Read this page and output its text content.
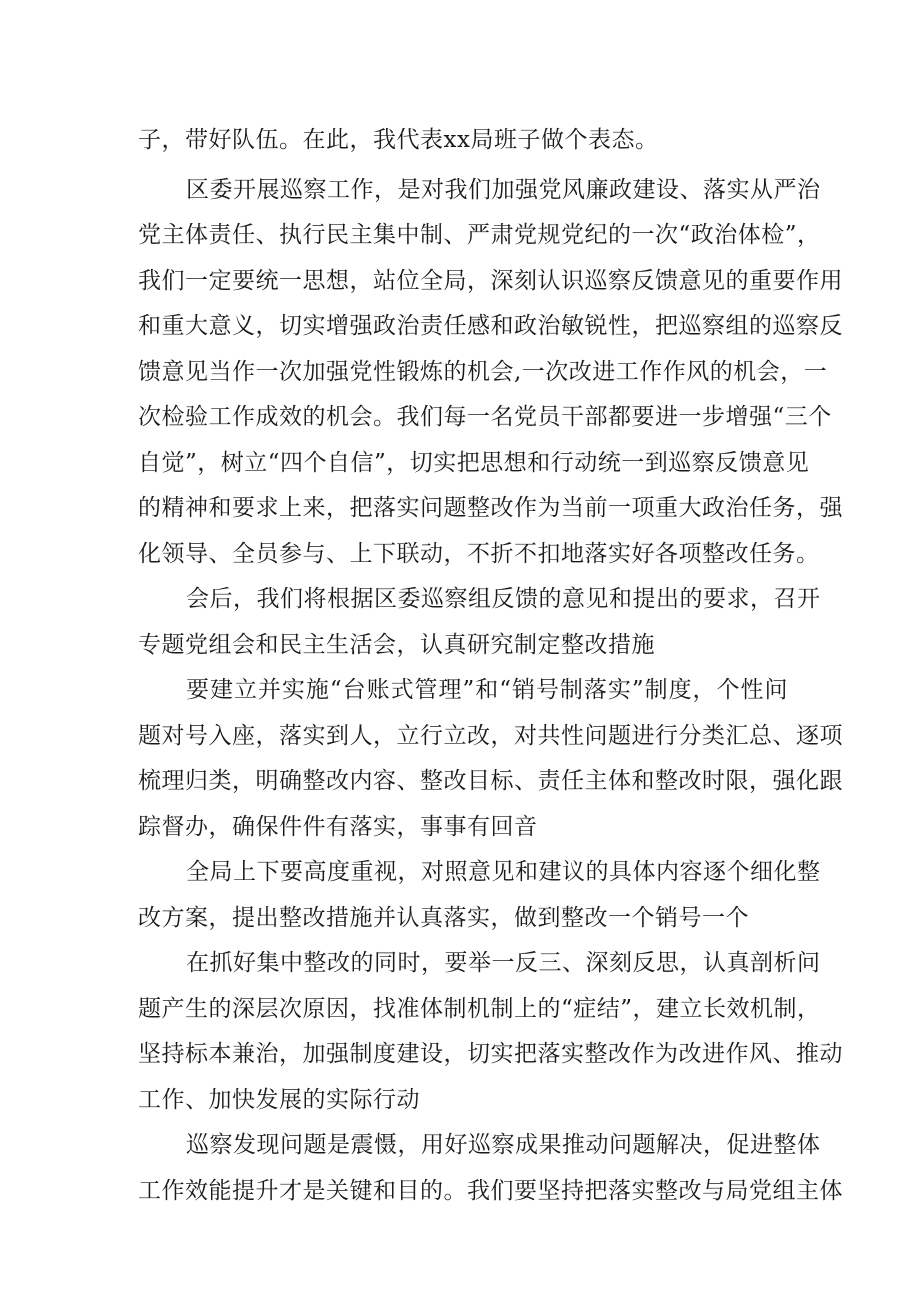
子，带好队伍。在此，我代表xx局班子做个表态。
区委开展巡察工作，是对我们加强党风廉政建设、落实从严治
党主体责任、执行民主集中制、严肃党规党纪的一次“政治体检”，
我们一定要统一思想，站位全局，深刻认识巡察反馈意见的重要作用
和重大意义，切实增强政治责任感和政治敏锐性，把巡察组的巡察反
馈意见当作一次加强党性锻炼的机会,一次改进工作作风的机会，一
次检验工作成效的机会。我们每一名党员干部都要进一步增强“三个
自觉”，树立“四个自信”，切实把思想和行动统一到巡察反馈意见
的精神和要求上来，把落实问题整改作为当前一项重大政治任务，强
化领导、全员参与、上下联动，不折不扣地落实好各项整改任务。
会后，我们将根据区委巡察组反馈的意见和提出的要求，召开
专题党组会和民主生活会，认真研究制定整改措施
要建立并实施“台账式管理”和“销号制落实”制度，个性问
题对号入座，落实到人，立行立改，对共性问题进行分类汇总、逐项
梳理归类，明确整改内容、整改目标、责任主体和整改时限，强化跟
踪督办，确保件件有落实，事事有回音
全局上下要高度重视，对照意见和建议的具体内容逐个细化整
改方案，提出整改措施并认真落实，做到整改一个销号一个
在抓好集中整改的同时，要举一反三、深刻反思，认真剖析问
题产生的深层次原因，找准体制机制上的“症结”，建立长效机制，
坚持标本兼治，加强制度建设，切实把落实整改作为改进作风、推动
工作、加快发展的实际行动
巡察发现问题是震慑，用好巡察成果推动问题解决，促进整体
工作效能提升才是关键和目的。我们要坚持把落实整改与局党组主体
